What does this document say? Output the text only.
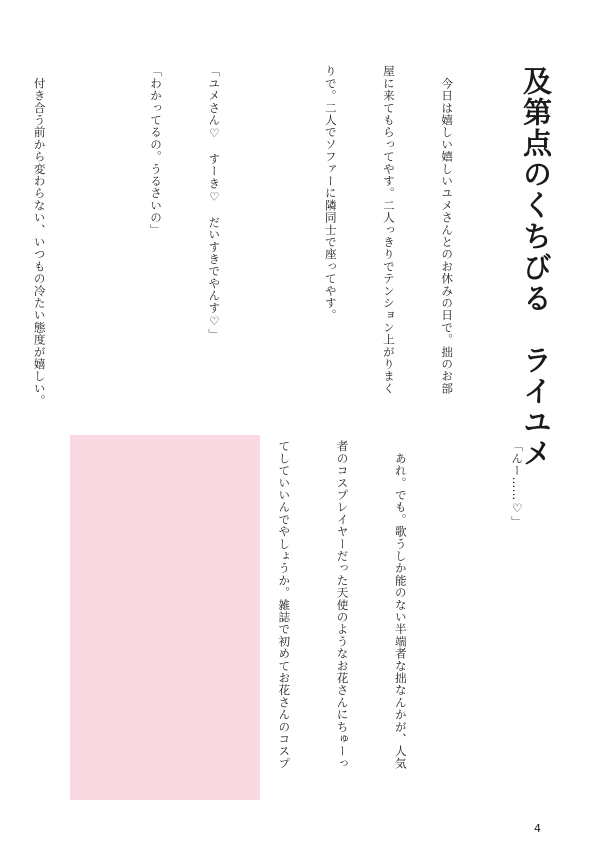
及第点のくちびる　ライユメ

　今日は嬉しい嬉しいユメさんとのお休みの日で。拙のお部

屋に来てもらってやす。二人っきりでテンション上がりまく

りで。二人でソファーに隣同士で座ってやす。

「ユメさん♡　すーき♡　だいすきでやんす♡」

「わかってるの。うるさいの」

　付き合う前から変わらない、いつもの冷たい態度が嬉しい。

「んー……♡」

　あれ。でも。歌うしか能のない半端者な拙なんかが、人気

者のコスプレイヤーだった天使のようなお花さんにちゅーっ

てしていいんでやしょうか。雑誌で初めてお花さんのコスプ

4
